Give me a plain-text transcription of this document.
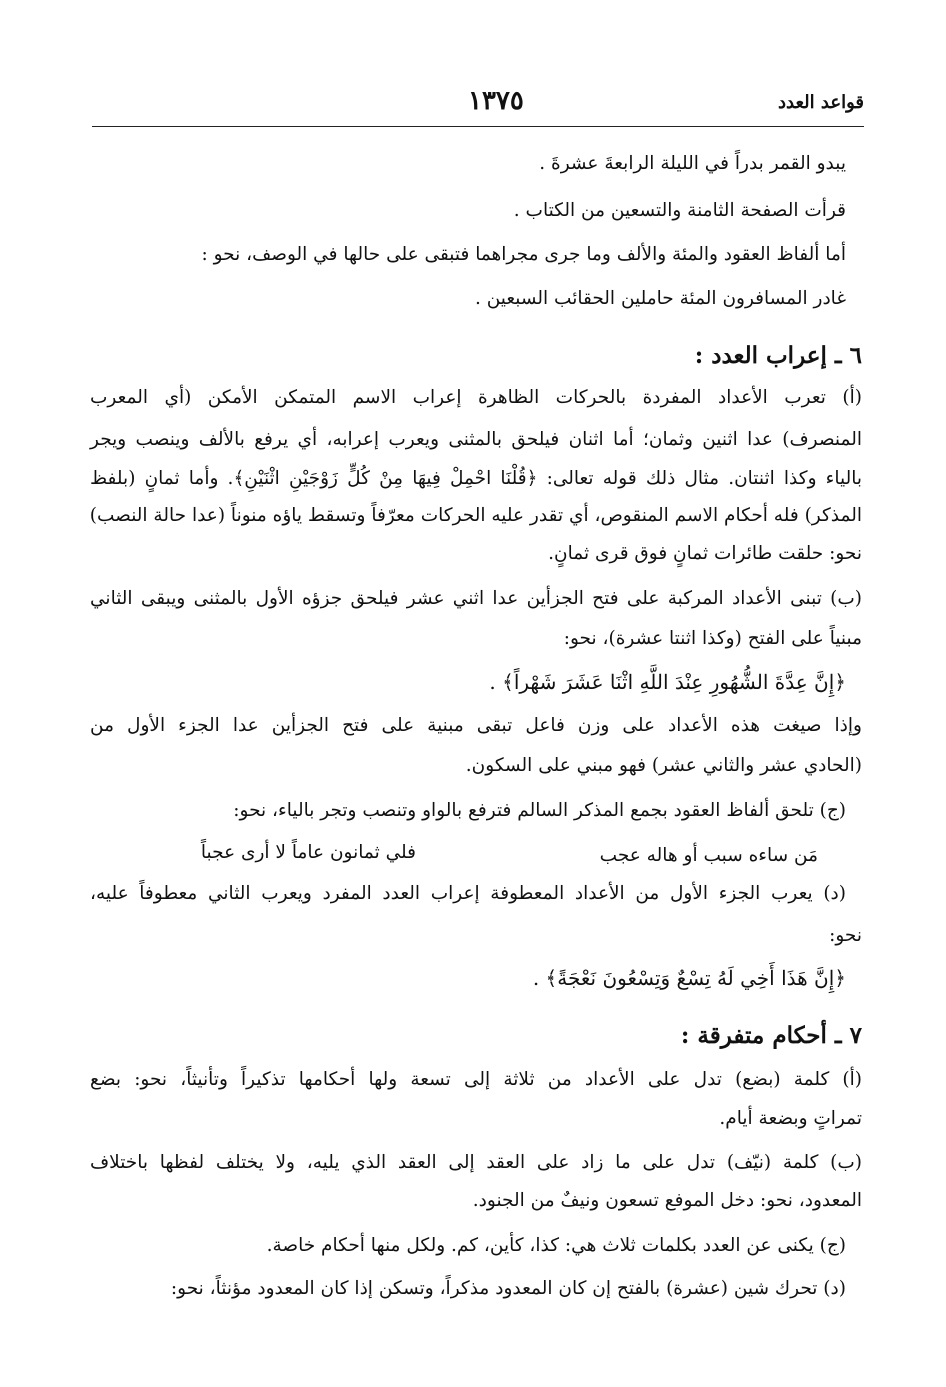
قواعد العدد
١٣٧٥
يبدو القمر بدراً في الليلة الرابعةَ عشرةَ .
قرأت الصفحة الثامنة والتسعين من الكتاب .
أما ألفاظ العقود والمئة والألف وما جرى مجراهما فتبقى على حالها في الوصف، نحو :
غادر المسافرون المئة حاملين الحقائب السبعين .
٦ ـ إعراب العدد :
(أ) تعرب الأعداد المفردة بالحركات الظاهرة إعراب الاسم المتمكن الأمكن (أي المعرب
المنصرف) عدا اثنين وثمان؛ أما اثنان فيلحق بالمثنى ويعرب إعرابه، أي يرفع بالألف وينصب ويجر
بالياء وكذا اثنتان. مثال ذلك قوله تعالى: ﴿قُلْنَا احْمِلْ فِيهَا مِنْ كُلٍّ زَوْجَيْنِ اثْنَيْنِ﴾. وأما ثمانٍ (بلفظ
المذكر) فله أحكام الاسم المنقوص، أي تقدر عليه الحركات معرّفاً وتسقط ياؤه منوناً (عدا حالة النصب)
نحو: حلقت طائرات ثمانٍ فوق قرى ثمانٍ.
(ب) تبنى الأعداد المركبة على فتح الجزأين عدا اثني عشر فيلحق جزؤه الأول بالمثنى ويبقى الثاني
مبنياً على الفتح (وكذا اثنتا عشرة)، نحو:
﴿إِنَّ عِدَّةَ الشُّهُورِ عِنْدَ اللَّهِ اثْنَا عَشَرَ شَهْراً﴾ .
وإذا صيغت هذه الأعداد على وزن فاعل تبقى مبنية على فتح الجزأين عدا الجزء الأول من
(الحادي عشر والثاني عشر) فهو مبني على السكون.
(ج) تلحق ألفاظ العقود بجمع المذكر السالم فترفع بالواو وتنصب وتجر بالياء، نحو:
مَن ساءه سبب أو هاله عجب
فلي ثمانون عاماً لا أرى عجباً
(د) يعرب الجزء الأول من الأعداد المعطوفة إعراب العدد المفرد ويعرب الثاني معطوفاً عليه،
نحو:
﴿إِنَّ هَذَا أَخِي لَهُ تِسْعٌ وَتِسْعُونَ نَعْجَةً﴾ .
٧ ـ أحكام متفرقة :
(أ) كلمة (بضع) تدل على الأعداد من ثلاثة إلى تسعة ولها أحكامها تذكيراً وتأنيثاً، نحو: بضع
تمراتٍ وبضعة أيام.
(ب) كلمة (نيّف) تدل على ما زاد على العقد إلى العقد الذي يليه، ولا يختلف لفظها باختلاف
المعدود، نحو: دخل الموفع تسعون ونيفٌ من الجنود.
(ج) يكنى عن العدد بكلمات ثلاث هي: كذا، كأين، كم. ولكل منها أحكام خاصة.
(د) تحرك شين (عشرة) بالفتح إن كان المعدود مذكراً، وتسكن إذا كان المعدود مؤنثاً، نحو:
